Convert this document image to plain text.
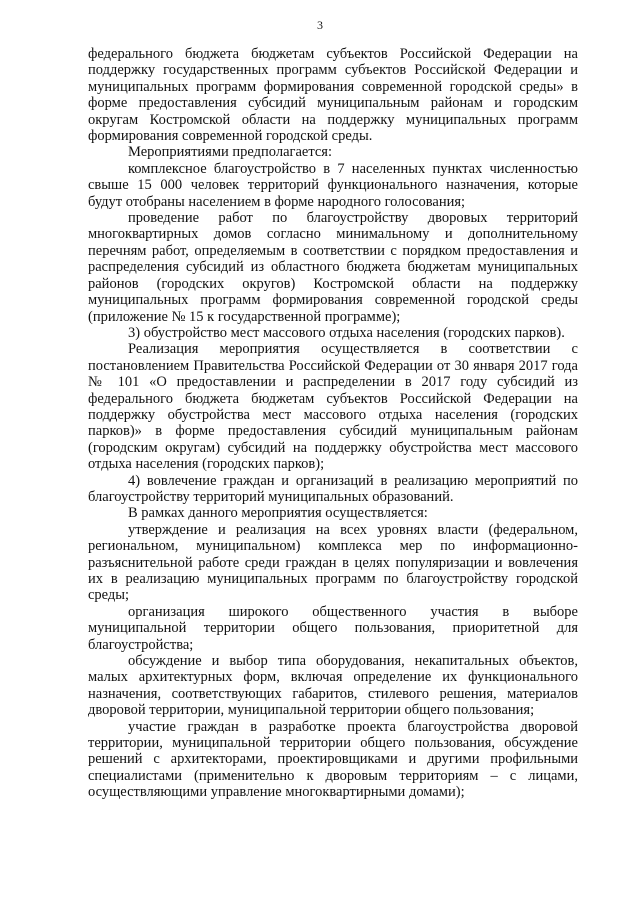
3

федерального бюджета бюджетам субъектов Российской Федерации на поддержку государственных программ субъектов Российской Федерации и муниципальных программ формирования современной городской среды» в форме предоставления субсидий муниципальным районам и городским округам Костромской области на поддержку муниципальных программ формирования современной городской среды.

Мероприятиями предполагается:

комплексное благоустройство в 7 населенных пунктах численностью свыше 15 000 человек территорий функционального назначения, которые будут отобраны населением в форме народного голосования;

проведение работ по благоустройству дворовых территорий многоквартирных домов согласно минимальному и дополнительному перечням работ, определяемым в соответствии с порядком предоставления и распределения субсидий из областного бюджета бюджетам муниципальных районов (городских округов) Костромской области на поддержку муниципальных программ формирования современной городской среды (приложение № 15 к государственной программе);

3) обустройство мест массового отдыха населения (городских парков).

Реализация мероприятия осуществляется в соответствии с постановлением Правительства Российской Федерации от 30 января 2017 года № 101 «О предоставлении и распределении в 2017 году субсидий из федерального бюджета бюджетам субъектов Российской Федерации на поддержку обустройства мест массового отдыха населения (городских парков)» в форме предоставления субсидий муниципальным районам (городским округам) субсидий на поддержку обустройства мест массового отдыха населения (городских парков);

4) вовлечение граждан и организаций в реализацию мероприятий по благоустройству территорий муниципальных образований.

В рамках данного мероприятия осуществляется:

утверждение и реализация на всех уровнях власти (федеральном, региональном, муниципальном) комплекса мер по информационно-разъяснительной работе среди граждан в целях популяризации и вовлечения их в реализацию муниципальных программ по благоустройству городской среды;

организация широкого общественного участия в выборе муниципальной территории общего пользования, приоритетной для благоустройства;

обсуждение и выбор типа оборудования, некапитальных объектов, малых архитектурных форм, включая определение их функционального назначения, соответствующих габаритов, стилевого решения, материалов дворовой территории, муниципальной территории общего пользования;

участие граждан в разработке проекта благоустройства дворовой территории, муниципальной территории общего пользования, обсуждение решений с архитекторами, проектировщиками и другими профильными специалистами (применительно к дворовым территориям – с лицами, осуществляющими управление многоквартирными домами);
